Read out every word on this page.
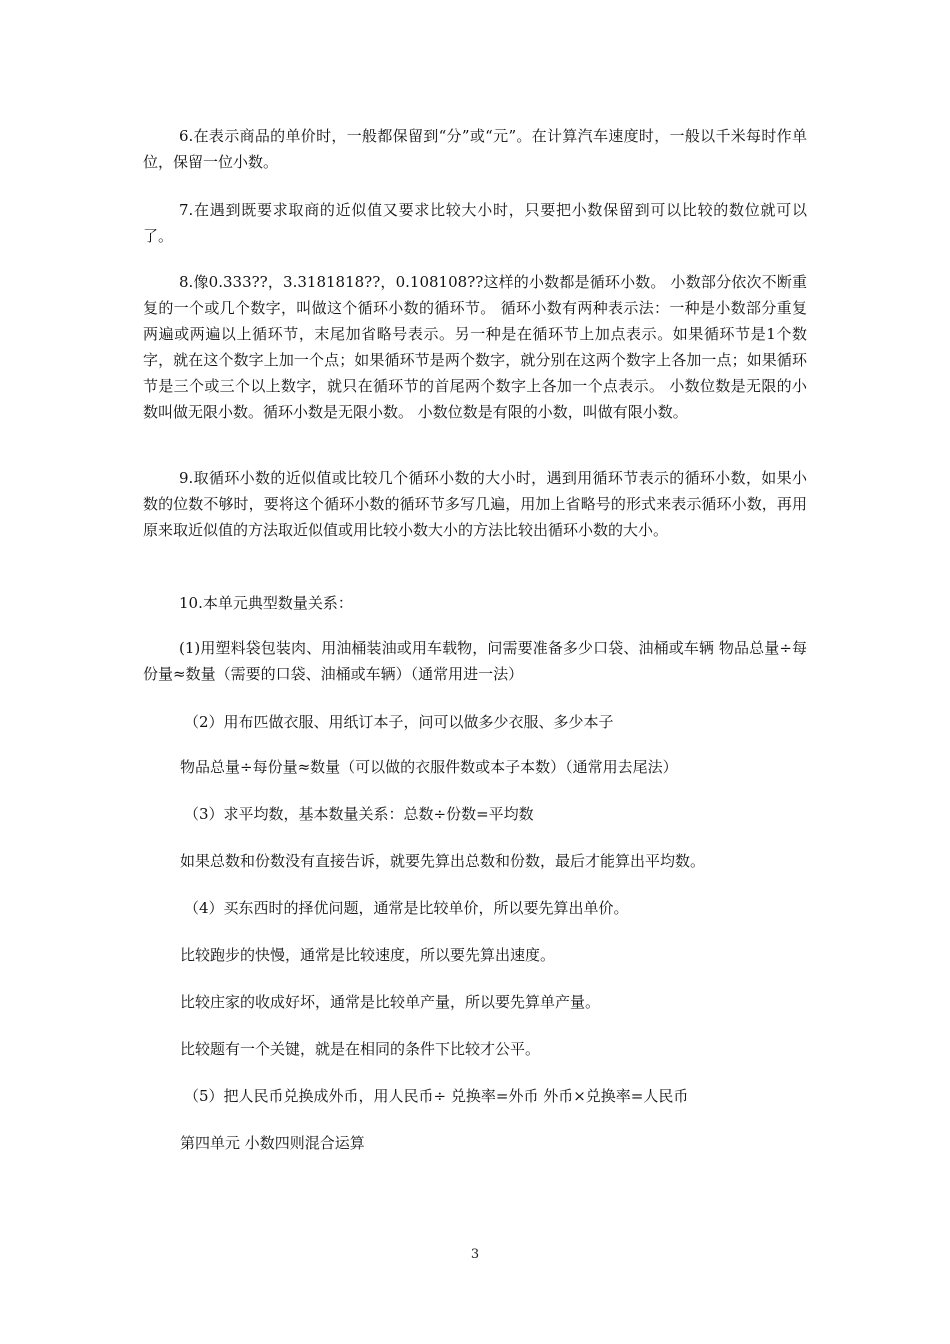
6.在表示商品的单价时，一般都保留到“分”或“元”。在计算汽车速度时，一般以千米每时作单位，保留一位小数。

7.在遇到既要求取商的近似值又要求比较大小时，只要把小数保留到可以比较的数位就可以了。

8.像0.333??，3.3181818??，0.108108??这样的小数都是循环小数。 小数部分依次不断重复的一个或几个数字，叫做这个循环小数的循环节。 循环小数有两种表示法：一种是小数部分重复两遍或两遍以上循环节，末尾加省略号表示。另一种是在循环节上加点表示。如果循环节是1个数字，就在这个数字上加一个点；如果循环节是两个数字，就分别在这两个数字上各加一点；如果循环节是三个或三个以上数字，就只在循环节的首尾两个数字上各加一个点表示。 小数位数是无限的小数叫做无限小数。循环小数是无限小数。 小数位数是有限的小数，叫做有限小数。

9.取循环小数的近似值或比较几个循环小数的大小时，遇到用循环节表示的循环小数，如果小数的位数不够时，要将这个循环小数的循环节多写几遍，用加上省略号的形式来表示循环小数，再用原来取近似值的方法取近似值或用比较小数大小的方法比较出循环小数的大小。

10.本单元典型数量关系：

(1)用塑料袋包装肉、用油桶装油或用车载物，问需要准备多少口袋、油桶或车辆 物品总量÷每份量≈数量（需要的口袋、油桶或车辆）（通常用进一法）

（2）用布匹做衣服、用纸订本子，问可以做多少衣服、多少本子

物品总量÷每份量≈数量（可以做的衣服件数或本子本数）（通常用去尾法）

（3）求平均数，基本数量关系：总数÷份数=平均数

如果总数和份数没有直接告诉，就要先算出总数和份数，最后才能算出平均数。

（4）买东西时的择优问题，通常是比较单价，所以要先算出单价。

比较跑步的快慢，通常是比较速度，所以要先算出速度。

比较庄家的收成好坏，通常是比较单产量，所以要先算单产量。

比较题有一个关键，就是在相同的条件下比较才公平。

（5）把人民币兑换成外币，用人民币÷ 兑换率=外币 外币×兑换率=人民币

第四单元 小数四则混合运算

3
